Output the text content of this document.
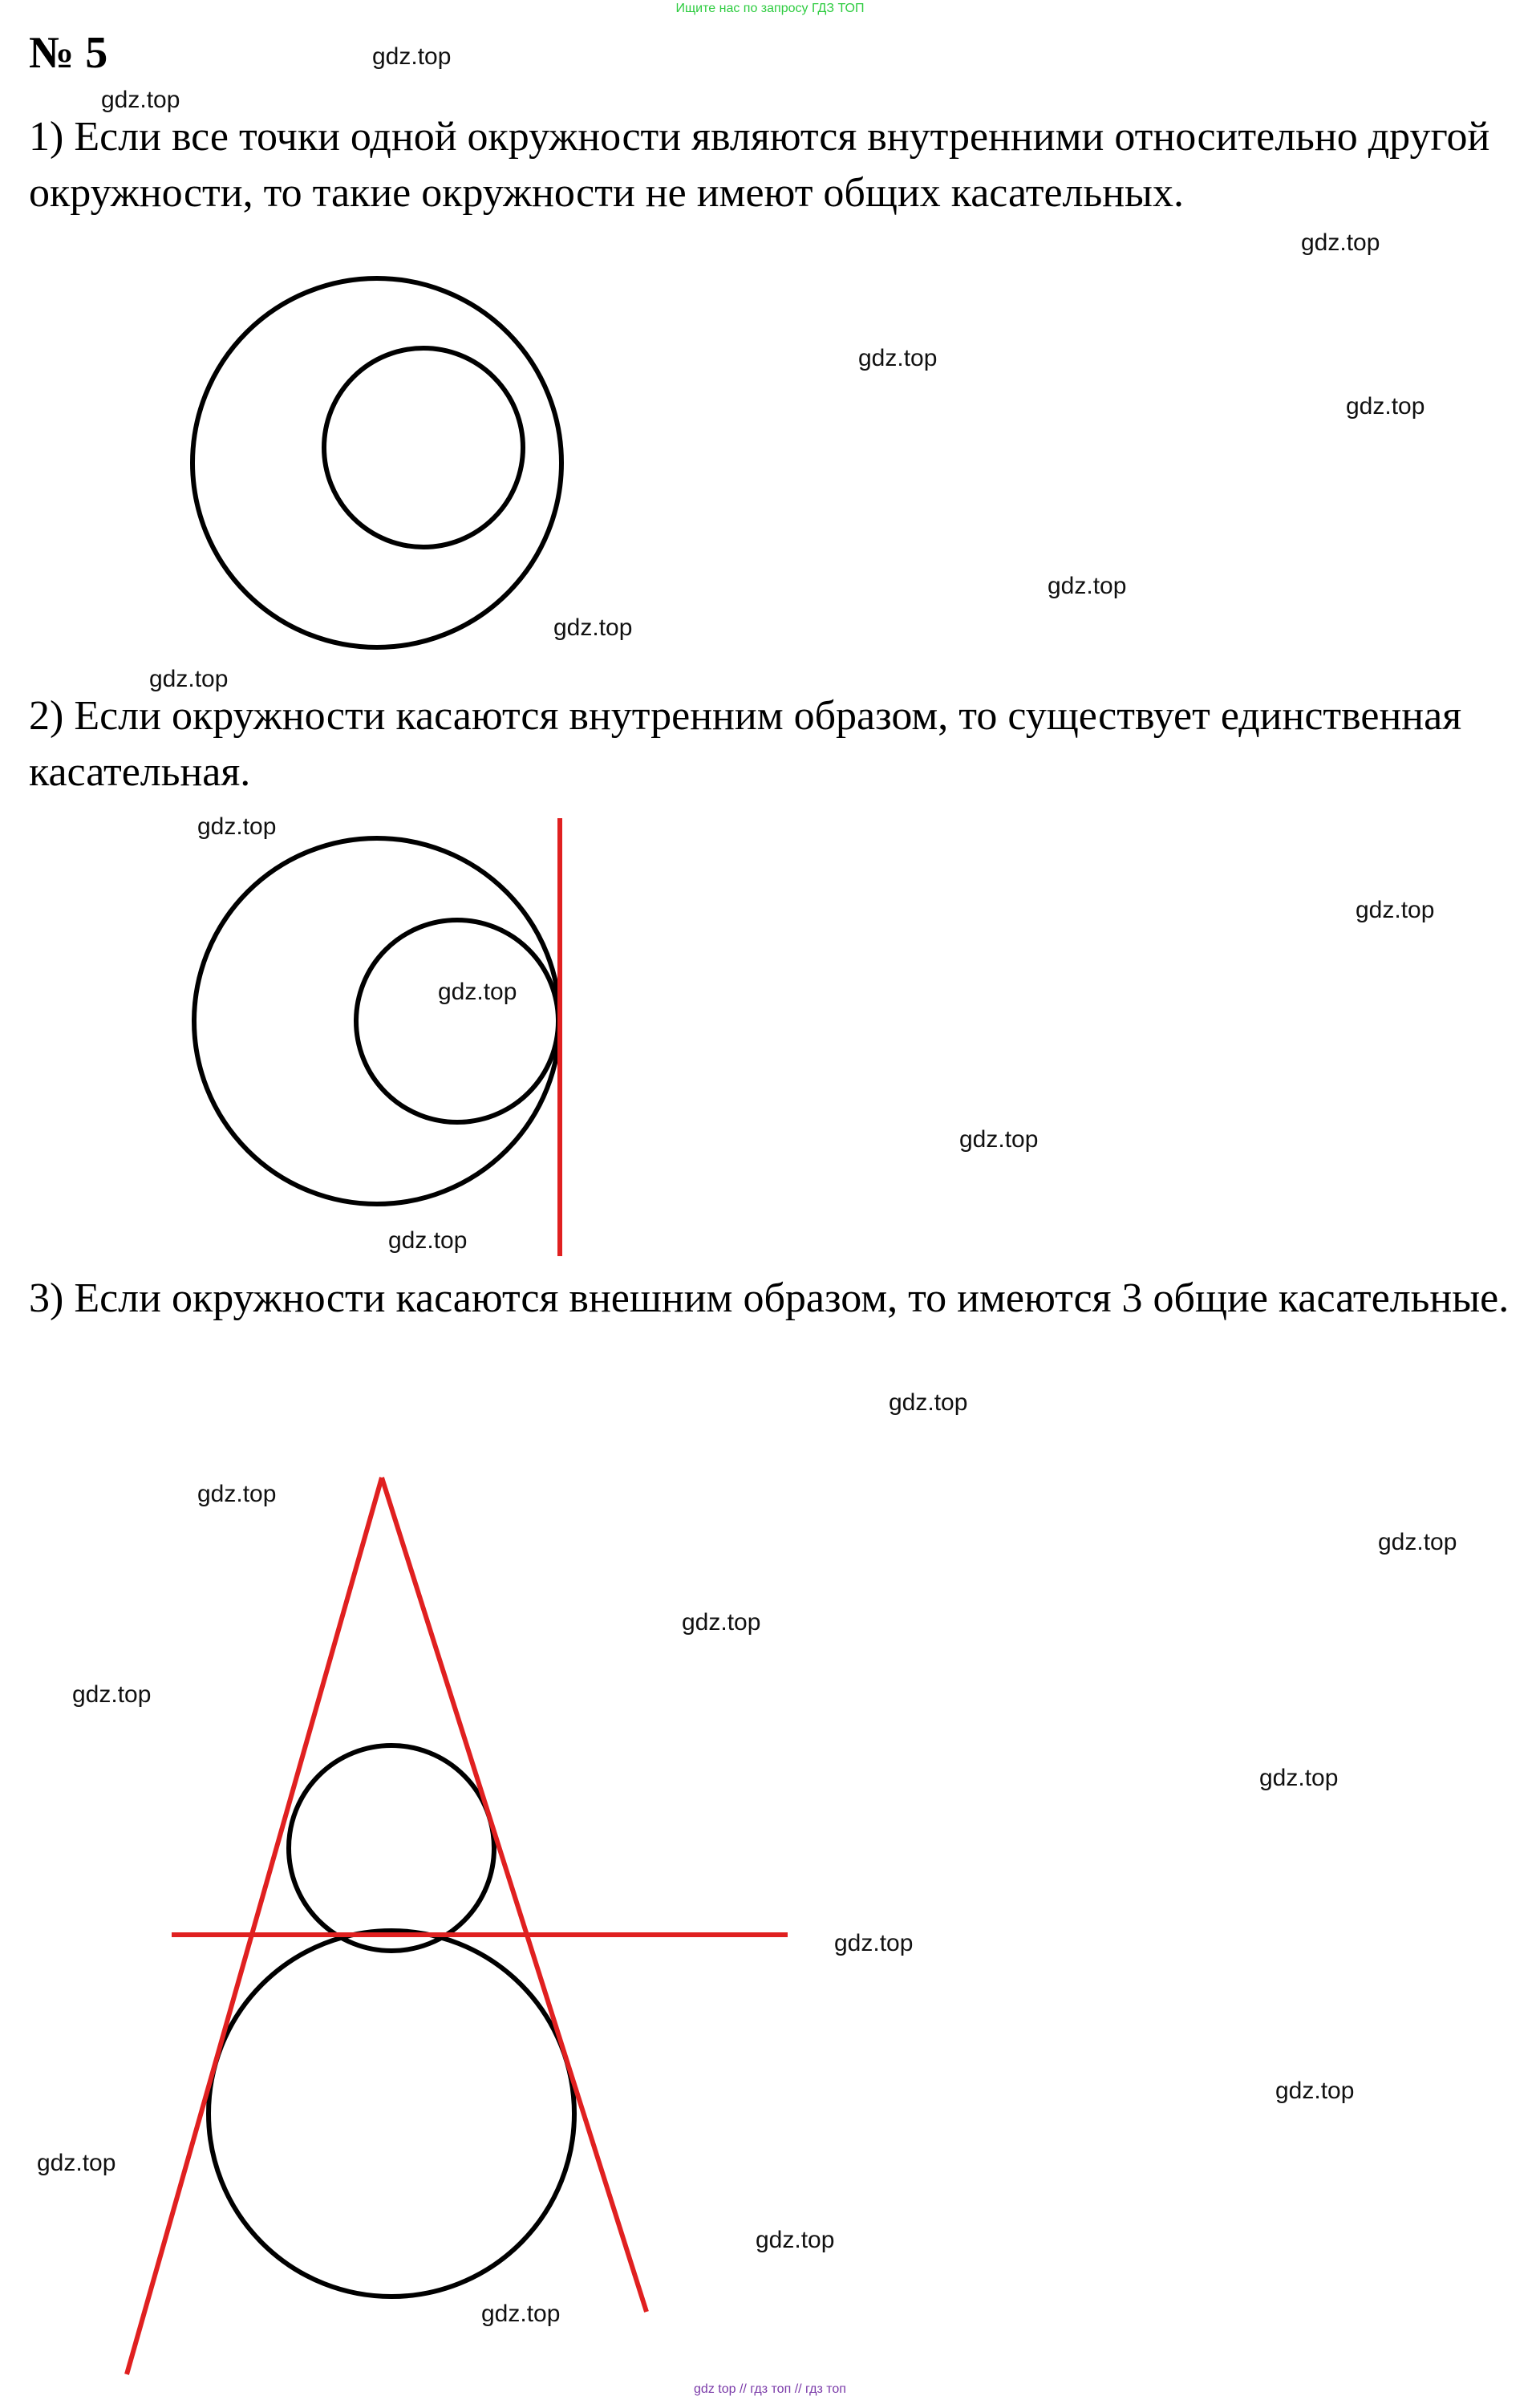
Ищите нас по запросу ГДЗ ТОП
№ 5

1) Если все точки одной окружности являются внутренними относительно другой окружности, то такие окружности не имеют общих касательных.

2) Если окружности касаются внутренним образом, то существует единственная касательная.

3) Если окружности касаются внешним образом, то имеются 3 общие касательные.

gdz.top
gdz.top
gdz.top
gdz.top
gdz.top
gdz.top
gdz.top
gdz.top
gdz.top
gdz.top
gdz.top
gdz.top
gdz.top
gdz.top
gdz.top
gdz.top
gdz.top
gdz.top
gdz.top
gdz.top
gdz.top
gdz.top
gdz.top
gdz.top
gdz top // гдз топ // гдз топ
